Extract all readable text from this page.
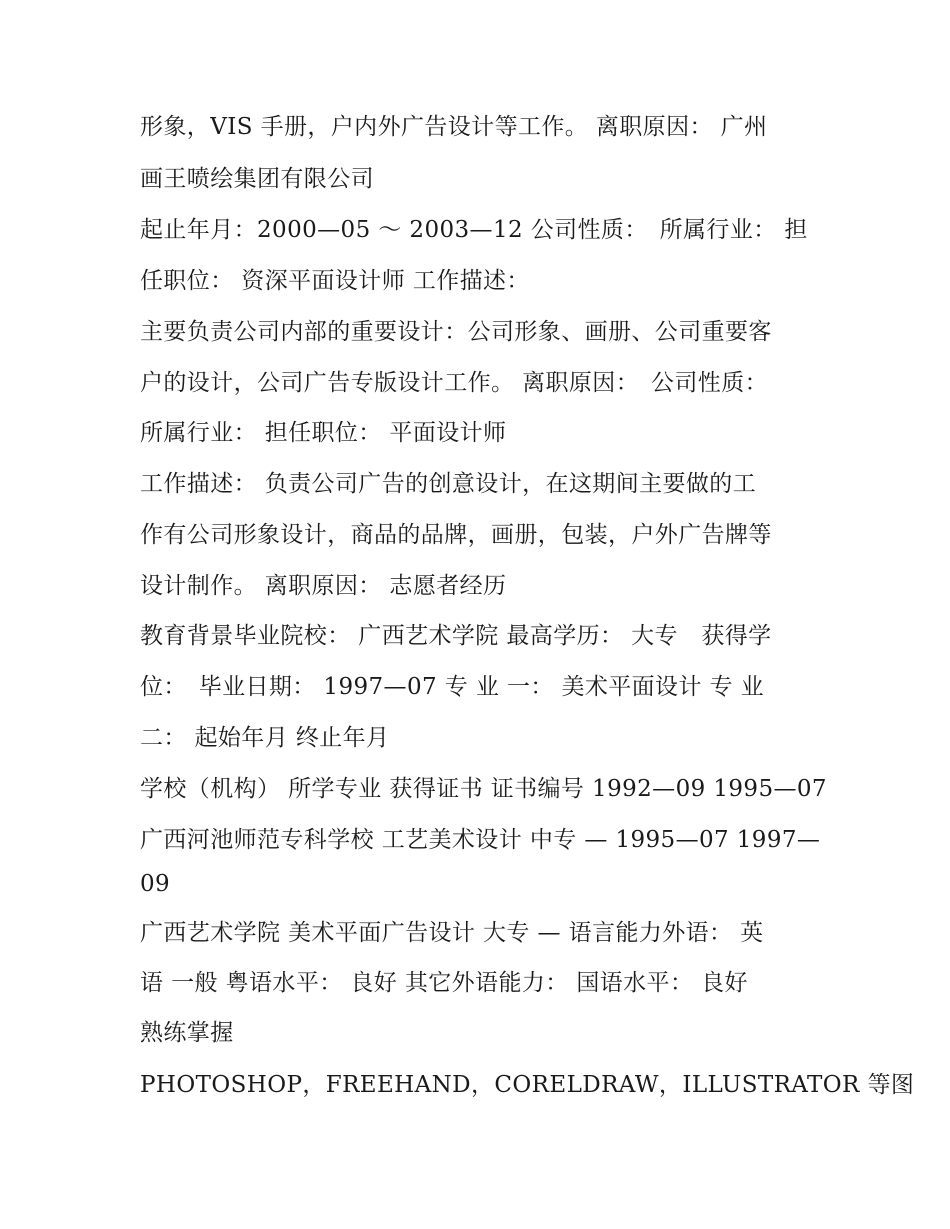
形象，VIS 手册，户内外广告设计等工作。 离职原因： 广州
画王喷绘集团有限公司
起止年月：2000—05 ～ 2003—12 公司性质：　所属行业： 担
任职位： 资深平面设计师 工作描述：
主要负责公司内部的重要设计：公司形象、画册、公司重要客
户的设计，公司广告专版设计工作。 离职原因：　公司性质：
所属行业： 担任职位： 平面设计师
工作描述： 负责公司广告的创意设计，在这期间主要做的工
作有公司形象设计，商品的品牌，画册，包装，户外广告牌等
设计制作。 离职原因： 志愿者经历
教育背景毕业院校： 广西艺术学院 最高学历： 大专　获得学
位：　毕业日期： 1997—07 专 业 一： 美术平面设计 专 业
二： 起始年月 终止年月
学校（机构） 所学专业 获得证书 证书编号 1992—09 1995—07
广西河池师范专科学校 工艺美术设计 中专 — 1995—07 1997—
09
广西艺术学院 美术平面广告设计 大专 — 语言能力外语： 英
语 一般 粤语水平： 良好 其它外语能力： 国语水平： 良好
熟练掌握
PHOTOSHOP，FREEHAND，CORELDRAW，ILLUSTRATOR 等图
